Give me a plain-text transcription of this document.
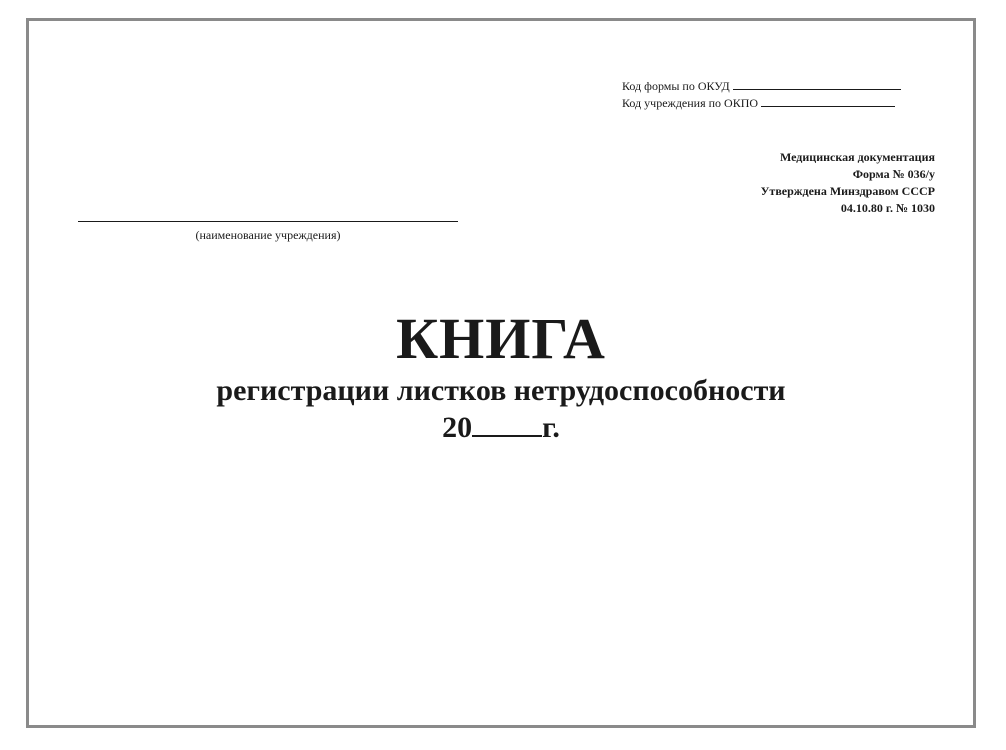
Код формы по ОКУД
Код учреждения по ОКПО
Медицинская документация
Форма № 036/у
Утверждена Минздравом СССР
04.10.80 г. № 1030
(наименование учреждения)
КНИГА
регистрации листков нетрудоспособности
20 г.
